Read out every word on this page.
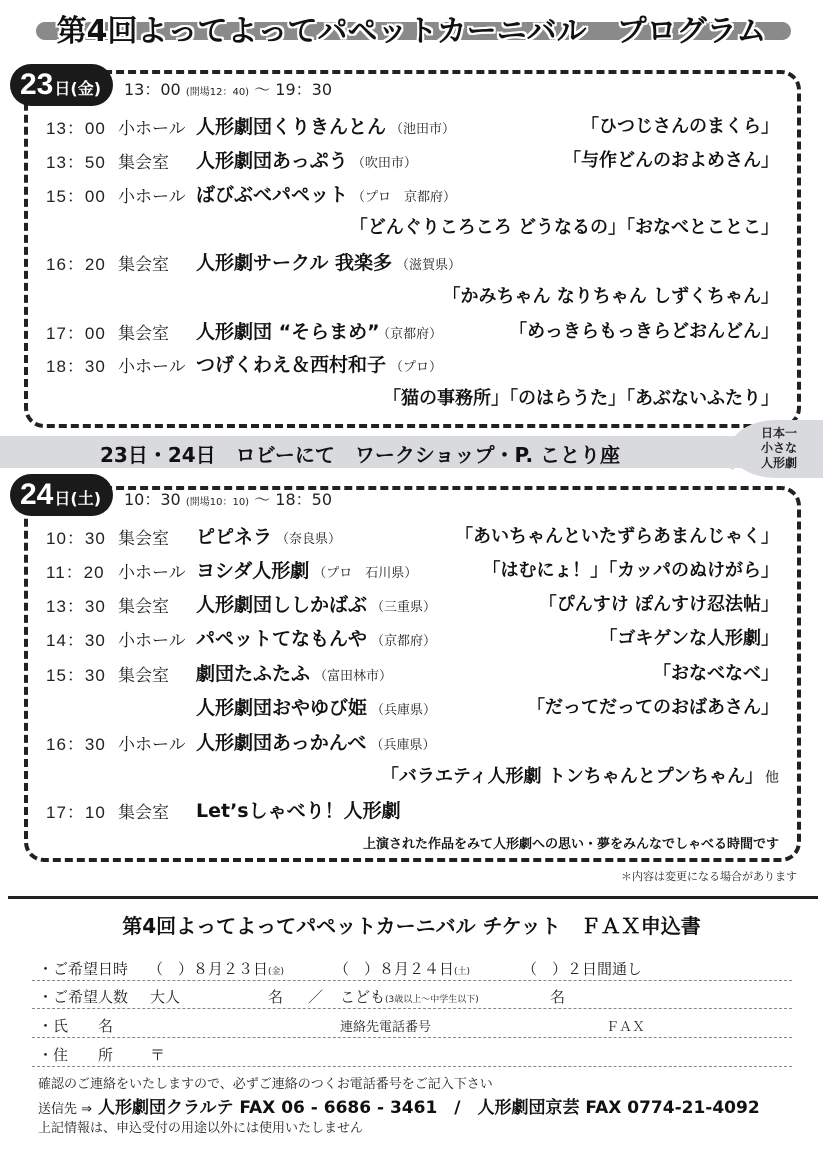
第4回よってよってパペットカーニバル　プログラム
23 日(金) 13：00 (開場12：40) ～ 19：30
13：00 小ホール 人形劇団くりきんとん （池田市）	「ひつじさんのまくら」
13：50 集会室 人形劇団あっぷう （吹田市）	「与作どんのおよめさん」
15：00 小ホール ばびぶべパペット （プロ　京都府）
「どんぐりころころ どうなるの」「おなべとことこ」
16：20 集会室 人形劇サークル 我楽多 （滋賀県）
「かみちゃん なりちゃん しずくちゃん」
17：00 集会室 人形劇団 “そらまめ” （京都府）	「めっきらもっきらどおんどん」
18：30 小ホール つげくわえ＆西村和子 （プロ）
「猫の事務所」「のはらうた」「あぶないふたり」
日本一
小さな
人形劇
23日・24日　ロビーにて　ワークショップ・P. ことり座
24 日(土) 10：30 (開場10：10) ～ 18：50
10：30 集会室 ピピネラ （奈良県）	「あいちゃんといたずらあまんじゃく」
11：20 小ホール ヨシダ人形劇 （プロ　石川県）	「はむにょ！」「カッパのぬけがら」
13：30 集会室 人形劇団ししかばぶ （三重県）	「ぴんすけ ぽんすけ忍法帖」
14：30 小ホール パペットてなもんや （京都府）	「ゴキゲンな人形劇」
15：30 集会室 劇団たふたふ （富田林市）	「おなべなべ」
人形劇団おやゆび姫 （兵庫県）	「だってだってのおばあさん」
16：30 小ホール 人形劇団あっかんべ （兵庫県）
「バラエティ人形劇 トンちゃんとプンちゃん」 他
17：10 集会室 Let’sしゃべり！人形劇
上演された作品をみて人形劇への思い・夢をみんなでしゃべる時間です
＊内容は変更になる場合があります
第4回よってよってパペットカーニバル チケット　ＦＡＸ申込書
・ご希望日時 （　）８月２３日(金)	（　）８月２４日(土)	（　）２日間通し
・ご希望人数 大人	名 ／ こども(3歳以上～中学生以下)	名
・氏　　名	連絡先電話番号	ＦＡＸ
・住　　所 〒
確認のご連絡をいたしますので、必ずご連絡のつくお電話番号をご記入下さい
送信先 ⇒ 人形劇団クラルテ FAX 06 - 6686 - 3461　/　人形劇団京芸 FAX 0774-21-4092
上記情報は、申込受付の用途以外には使用いたしません
